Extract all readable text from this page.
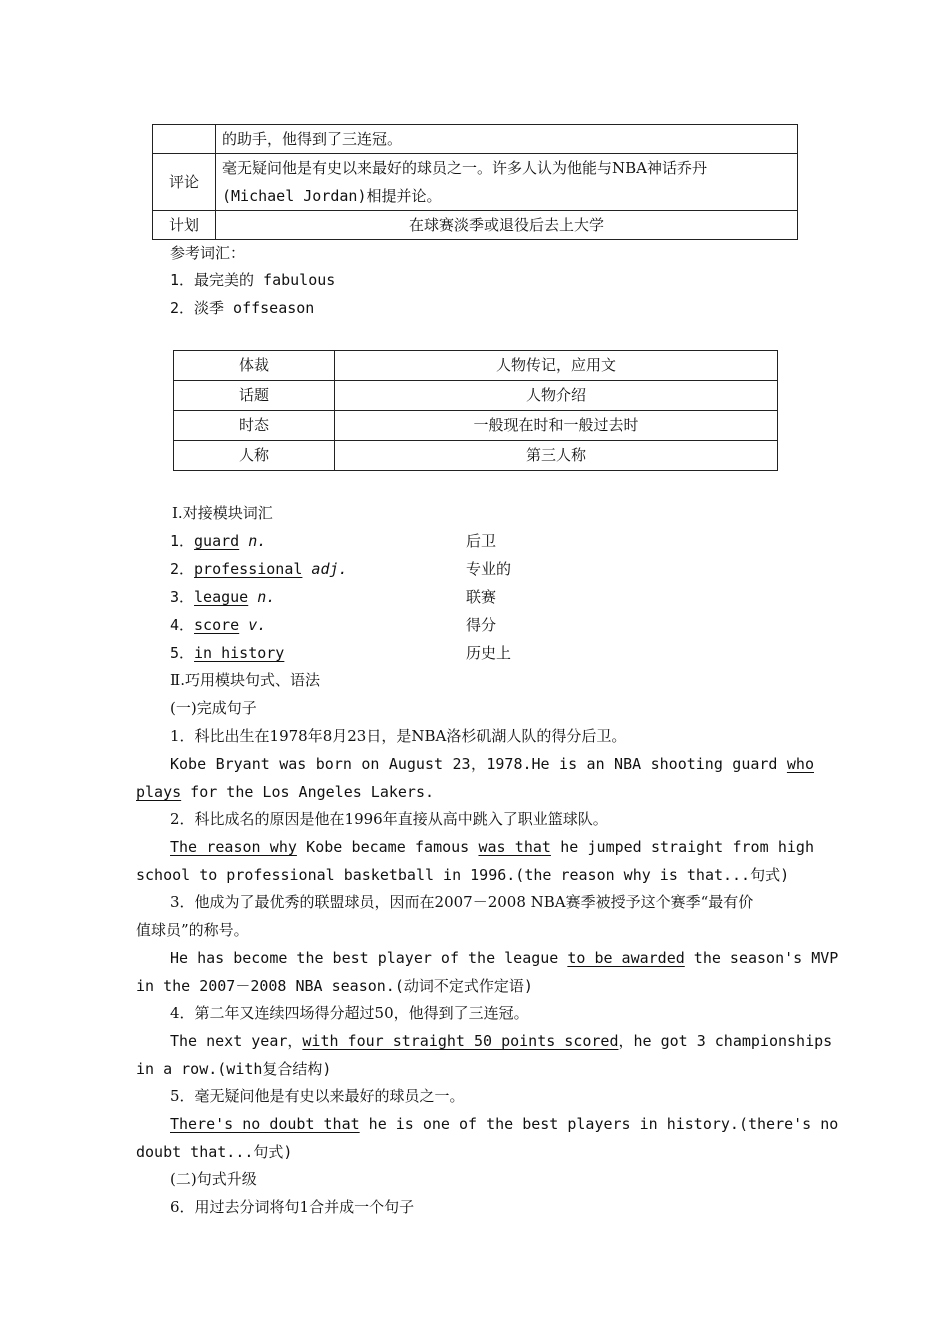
	的助手，他得到了三连冠。
评论	毫无疑问他是有史以来最好的球员之一。许多人认为他能与NBA神话乔丹
(Michael Jordan)相提并论。

计划	在球赛淡季或退役后去上大学
参考词汇：
1．最完美的 fabulous
2．淡季 offseason
体裁	人物传记，应用文
话题	人物介绍
时态	一般现在时和一般过去时
人称	第三人称
Ⅰ.对接模块词汇
1．guard n.	后卫
2．professional adj.	专业的
3．league n.	联赛
4．score v.	得分
5．in history	历史上
Ⅱ.巧用模块句式、语法
(一)完成句子
1．科比出生在1978年8月23日，是NBA洛杉矶湖人队的得分后卫。
Kobe Bryant was born on August 23，1978.He is an NBA shooting guard who
plays for the Los Angeles Lakers.
2．科比成名的原因是他在1996年直接从高中跳入了职业篮球队。
The reason why Kobe became famous was that he jumped straight from high
school to professional basketball in 1996.(the reason why is that...句式)
3．他成为了最优秀的联盟球员，因而在2007－2008 NBA赛季被授予这个赛季“最有价
值球员”的称号。
He has become the best player of the league to be awarded the season's MVP
in the 2007－2008 NBA season.(动词不定式作定语)
4．第二年又连续四场得分超过50，他得到了三连冠。
The next year，with four straight 50 points scored，he got 3 championships
in a row.(with复合结构)
5．毫无疑问他是有史以来最好的球员之一。
There's no doubt that he is one of the best players in history.(there's no
doubt that...句式)
(二)句式升级
6．用过去分词将句1合并成一个句子
